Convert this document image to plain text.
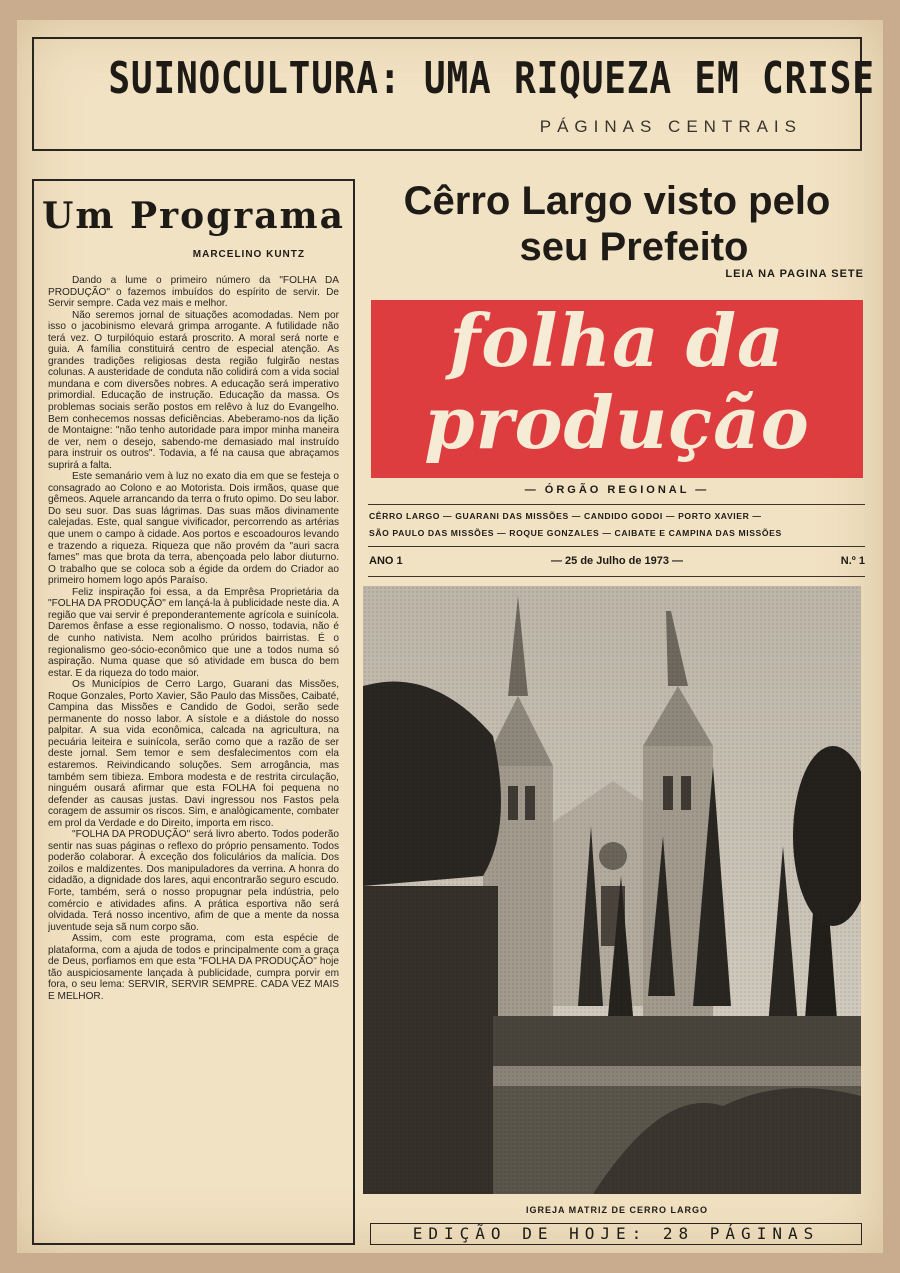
SUINOCULTURA: UMA RIQUEZA EM CRISE
PÁGINAS CENTRAIS
Um Programa
MARCELINO KUNTZ

Dando a lume o primeiro número da "FOLHA DA PRODUÇÃO" o fazemos imbuídos do espírito de servir. De Servir sempre. Cada vez mais e melhor.

Não seremos jornal de situações acomodadas. Nem por isso o jacobinismo elevará grimpa arrogante. A futilidade não terá vez. O turpilóquio estará proscrito. A moral será norte e guia. A família constituirá centro de especial atenção. As grandes tradições religiosas desta região fulgirão nestas colunas. A austeridade de conduta não colidirá com a vida social mundana e com diversões nobres. A educação será imperativo primordial. Educação de instrução. Educação da massa. Os problemas sociais serão postos em relêvo à luz do Evangelho. Bem conhecemos nossas deficiências. Abeberamo-nos da lição de Montaigne: "não tenho autoridade para impor minha maneira de ver, nem o desejo, sabendo-me demasiado mal instruído para instruir os outros". Todavia, a fé na causa que abraçamos suprirá a falta.

Este semanário vem à luz no exato dia em que se festeja o consagrado ao Colono e ao Motorista. Dois irmãos, quase que gêmeos. Aquele arrancando da terra o fruto opimo. Do seu labor. Do seu suor. Das suas lágrimas. Das suas mãos divinamente calejadas. Este, qual sangue vivificador, percorrendo as artérias que unem o campo à cidade. Aos portos e escoadouros levando e trazendo a riqueza. Riqueza que não provém da "auri sacra fames" mas que brota da terra, abençoada pelo labor diuturno. O trabalho que se coloca sob a égide da ordem do Criador ao primeiro homem logo após Paraíso.

Feliz inspiração foi essa, a da Emprêsa Proprietária da "FOLHA DA PRODUÇÃO" em lançá-la à publicidade neste dia. A região que vai servir é preponderantemente agrícola e suinícola. Daremos ênfase a esse regionalismo. O nosso, todavia, não é de cunho nativista. Nem acolho prúridos bairristas. É o regionalismo geo-sócio-econômico que une a todos numa só aspiração. Numa quase que só atividade em busca do bem estar. E da riqueza do todo maior.

Os Municípios de Cerro Largo, Guarani das Missões, Roque Gonzales, Porto Xavier, São Paulo das Missões, Caibaté, Campina das Missões e Candido de Godoi, serão sede permanente do nosso labor. A sístole e a diástole do nosso palpitar. A sua vida econômica, calcada na agricultura, na pecuária leiteira e suinícola, serão como que a razão de ser deste jornal. Sem temor e sem desfalecimentos com ela estaremos. Reivindicando soluções. Sem arrogância, mas também sem tibieza. Embora modesta e de restrita circulação, ninguém ousará afirmar que esta FOLHA foi pequena no defender as causas justas. Davi ingressou nos Fastos pela coragem de assumir os riscos. Sim, e analògicamente, combater em prol da Verdade e do Direito, importa em risco.

"FOLHA DA PRODUÇÃO" será livro aberto. Todos poderão sentir nas suas páginas o reflexo do próprio pensamento. Todos poderão colaborar. À exceção dos foliculários da malícia. Dos zoilos e maldizentes. Dos manipuladores da verrina. A honra do cidadão, a dignidade dos lares, aqui encontrarão seguro escudo. Forte, também, será o nosso propugnar pela indústria, pelo comércio e atividades afins. A prática esportiva não será olvidada. Terá nosso incentivo, afim de que a mente da nossa juventude seja sã num corpo são.

Assim, com este programa, com esta espécie de plataforma, com a ajuda de todos e principalmente com a graça de Deus, porfiamos em que esta "FOLHA DA PRODUÇÃO" hoje tão auspiciosamente lançada à publicidade, cumpra porvir em fora, o seu lema: SERVIR, SERVIR SEMPRE. CADA VEZ MAIS E MELHOR.

Cêrro Largo visto pelo
seu Prefeito
LEIA NA PAGINA SETE
folha da
produção
— ÓRGÃO REGIONAL —
CÊRRO LARGO — GUARANI DAS MISSÕES — CANDIDO GODOI — PORTO XAVIER —
SÃO PAULO DAS MISSÕES — ROQUE GONZALES — CAIBATE E CAMPINA DAS MISSÕES
ANO 1	— 25 de Julho de 1973 —	N.º 1
IGREJA MATRIZ DE CERRO LARGO
EDIÇÃO DE HOJE: 28 PÁGINAS
